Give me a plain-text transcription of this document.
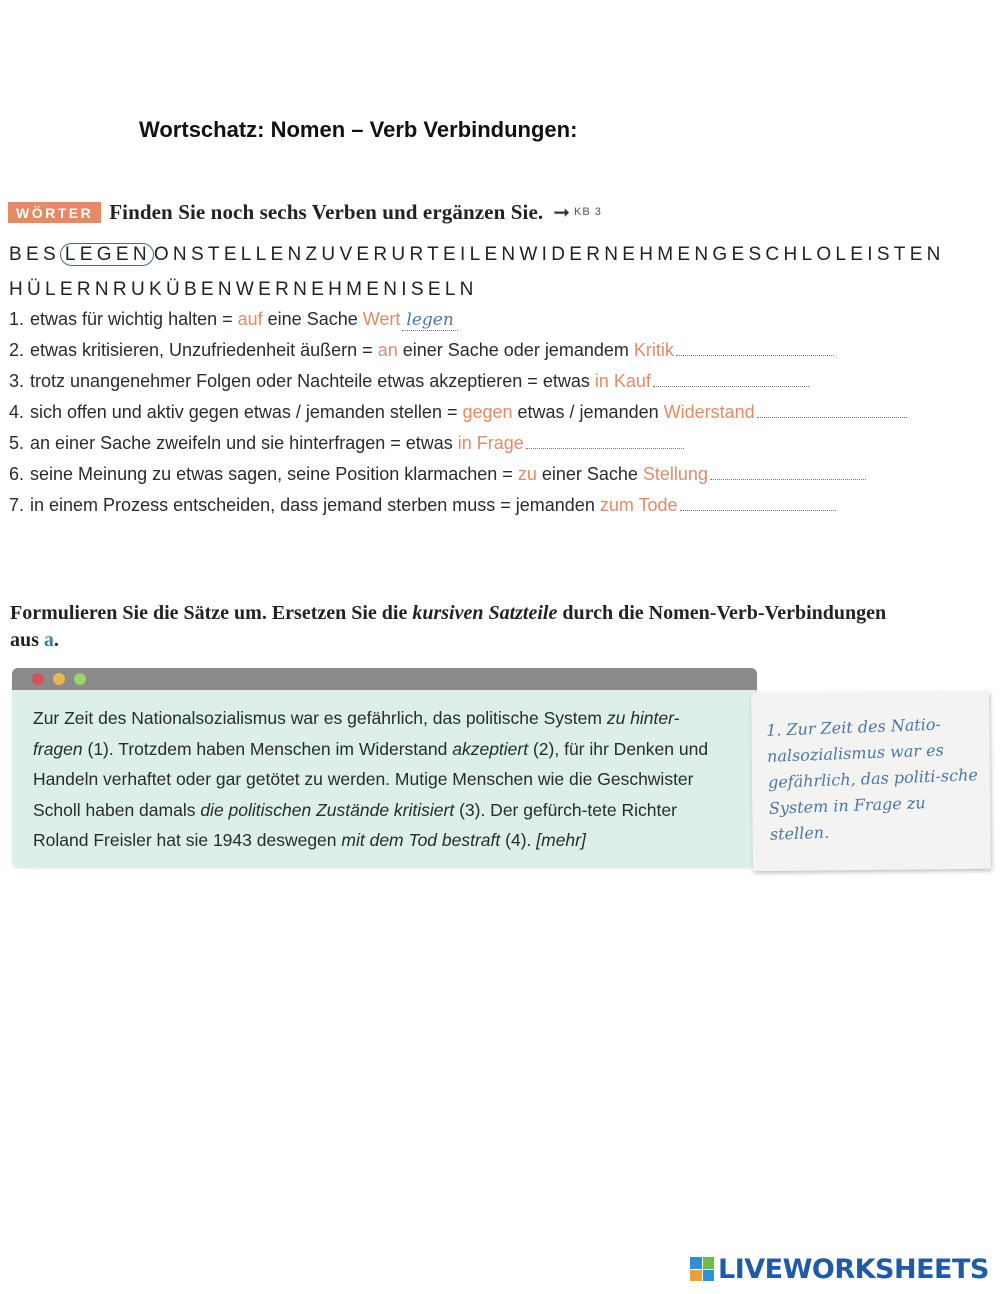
Wortschatz: Nomen – Verb Verbindungen:
WÖRTER Finden Sie noch sechs Verben und ergänzen Sie. ➞ KB 3
BES LEGEN ONSTELLENZUVERURTEILENWIDERNEHMENGESCHLOLEISTEN
HÜLERNRUKÜBENWERNEHMENISELN
1. etwas für wichtig halten = auf eine Sache Wert legen
2. etwas kritisieren, Unzufriedenheit äußern = an einer Sache oder jemandem Kritik
3. trotz unangenehmer Folgen oder Nachteile etwas akzeptieren = etwas in Kauf
4. sich offen und aktiv gegen etwas / jemanden stellen = gegen etwas / jemanden Widerstand
5. an einer Sache zweifeln und sie hinterfragen = etwas in Frage
6. seine Meinung zu etwas sagen, seine Position klarmachen = zu einer Sache Stellung
7. in einem Prozess entscheiden, dass jemand sterben muss = jemanden zum Tode
Formulieren Sie die Sätze um. Ersetzen Sie die kursiven Satzteile durch die Nomen-Verb-Verbindungen aus a.
Zur Zeit des Nationalsozialismus war es gefährlich, das politische System zu hinter-
fragen (1). Trotzdem haben Menschen im Widerstand akzeptiert (2), für ihr Denken und Handeln verhaftet oder gar getötet zu werden. Mutige Menschen wie die Geschwister Scholl haben damals die politischen Zustände kritisiert (3). Der gefürch-tete Richter Roland Freisler hat sie 1943 deswegen mit dem Tod bestraft (4). [mehr]
1. Zur Zeit des Natio-nalsozialismus war es gefährlich, das politi-sche System in Frage zu stellen.
LIVEWORKSHEETS
